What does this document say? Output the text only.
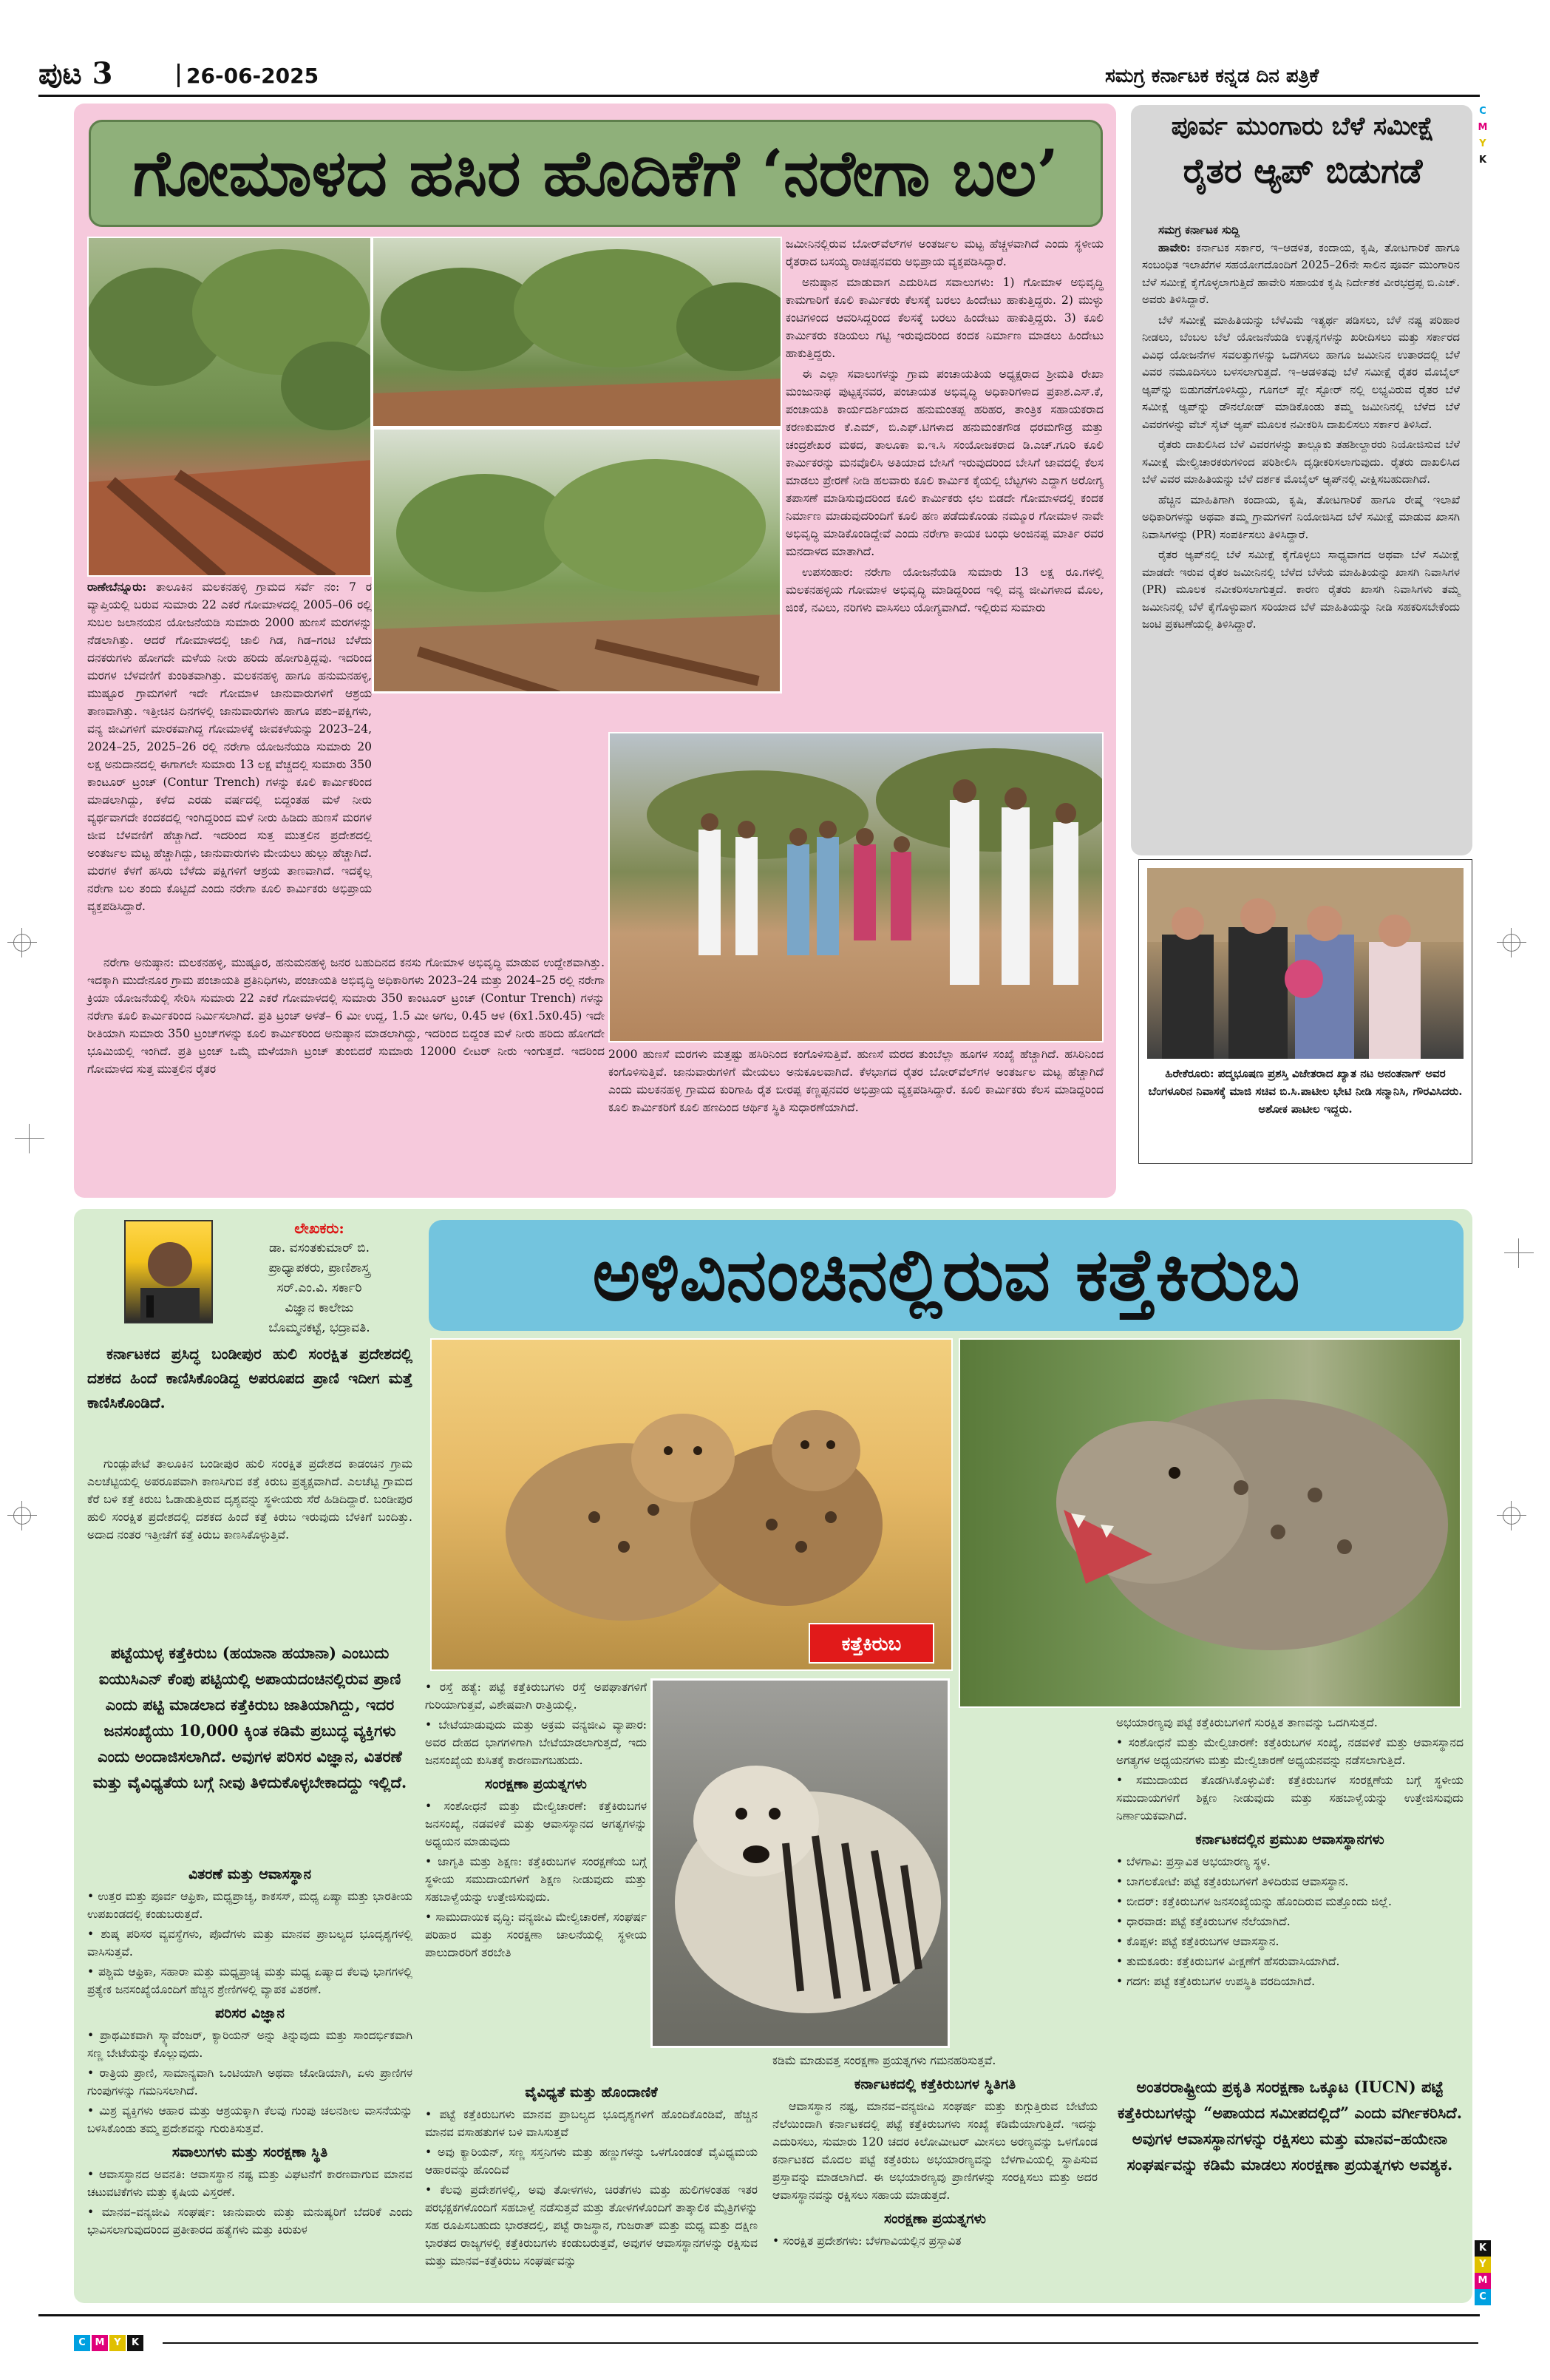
ಪುಟ 3	26-06-2025	ಸಮಗ್ರ ಕರ್ನಾಟಕ ಕನ್ನಡ ದಿನ ಪತ್ರಿಕೆ
C
M
Y
K
ಗೋಮಾಳದ ಹಸಿರ ಹೊದಿಕೆಗೆ ‘ನರೇಗಾ ಬಲ’

ರಾಣೇಬೆನ್ನೂರು: ತಾಲೂಕಿನ ಮಲಕನಹಳ್ಳಿ ಗ್ರಾಮದ ಸರ್ವೆ ನಂ: 7 ರ ವ್ಯಾಪ್ತಿಯಲ್ಲಿ ಬರುವ ಸುಮಾರು 22 ಎಕರೆ ಗೋಮಾಳದಲ್ಲಿ 2005–06 ರಲ್ಲಿ ಸುಬಲ ಜಲಾನಯನ ಯೋಜನೆಯಡಿ ಸುಮಾರು 2000 ಹುಣಸೆ ಮರಗಳನ್ನು ನೆಡಲಾಗಿತ್ತು. ಆದರೆ ಗೋಮಾಳದಲ್ಲಿ ಜಾಲಿ ಗಿಡ, ಗಿಡ–ಗಂಟಿ ಬೆಳೆದು ದನಕರುಗಳು ಹೋಗದೇ ಮಳೆಯ ನೀರು ಹರಿದು ಹೋಗುತ್ತಿದ್ದವು. ಇದರಿಂದ ಮರಗಳ ಬೆಳವಣಿಗೆ ಕುಂಠಿತವಾಗಿತ್ತು. ಮಲಕನಹಳ್ಳಿ ಹಾಗೂ ಹನುಮನಹಳ್ಳಿ, ಮುಷ್ಟೂರ ಗ್ರಾಮಗಳಿಗೆ ಇದೇ ಗೋಮಾಳ ಜಾನುವಾರುಗಳಿಗೆ ಆಶ್ರಯ ತಾಣವಾಗಿತ್ತು. ಇತ್ತೀಚಿನ ದಿನಗಳಲ್ಲಿ ಜಾನುವಾರುಗಳು ಹಾಗೂ ಪಶು–ಪಕ್ಷಿಗಳು, ವನ್ಯ ಜೀವಿಗಳಿಗೆ ಮಾರಕವಾಗಿದ್ದ ಗೋಮಾಳಕ್ಕೆ ಜೀವಕಳೆಯನ್ನು 2023–24, 2024–25, 2025–26 ರಲ್ಲಿ ನರೇಗಾ ಯೋಜನೆಯಡಿ ಸುಮಾರು 20 ಲಕ್ಷ ಅನುದಾನದಲ್ಲಿ ಈಗಾಗಲೇ ಸುಮಾರು 13 ಲಕ್ಷ ವೆಚ್ಚದಲ್ಲಿ ಸುಮಾರು 350 ಕಾಂಟೂರ್ ಟ್ರಂಚ್ (Contur Trench) ಗಳನ್ನು ಕೂಲಿ ಕಾರ್ಮಿಕರಿಂದ ಮಾಡಲಾಗಿದ್ದು, ಕಳೆದ ಎರಡು ವರ್ಷದಲ್ಲಿ ಬಿದ್ದಂತಹ ಮಳೆ ನೀರು ವ್ಯರ್ಥವಾಗದೇ ಕಂದಕದಲ್ಲಿ ಇಂಗಿದ್ದರಿಂದ ಮಳೆ ನೀರು ಹಿಡಿದು ಹುಣಸೆ ಮರಗಳ ಜೀವ ಬೆಳವಣಿಗೆ ಹೆಚ್ಚಾಗಿದೆ. ಇದರಿಂದ ಸುತ್ತ ಮುತ್ತಲಿನ ಪ್ರದೇಶದಲ್ಲಿ ಅಂತರ್ಜಲ ಮಟ್ಟ ಹೆಚ್ಚಾಗಿದ್ದು, ಜಾನುವಾರುಗಳು ಮೇಯಲು ಹುಲ್ಲು ಹೆಚ್ಚಾಗಿದೆ. ಮರಗಳ ಕೆಳಗೆ ಹಸಿರು ಬೆಳೆದು ಪಕ್ಷಿಗಳಿಗೆ ಆಶ್ರಯ ತಾಣವಾಗಿದೆ. ಇದಕ್ಕೆಲ್ಲ ನರೇಗಾ ಬಲ ತಂದು ಕೊಟ್ಟಿದೆ ಎಂದು ನರೇಗಾ ಕೂಲಿ ಕಾರ್ಮಿಕರು ಅಭಿಪ್ರಾಯ ವ್ಯಕ್ತಪಡಿಸಿದ್ದಾರೆ.

ನರೇಗಾ ಅನುಷ್ಠಾನ: ಮಲಕನಹಳ್ಳಿ, ಮುಷ್ಟೂರ, ಹನುಮನಹಳ್ಳಿ ಜನರ ಬಹುದಿನದ ಕನಸು ಗೋಮಾಳ ಅಭಿವೃದ್ಧಿ ಮಾಡುವ ಉದ್ದೇಶವಾಗಿತ್ತು. ಇದಕ್ಕಾಗಿ ಮುದೇನೂರ ಗ್ರಾಮ ಪಂಚಾಯತಿ ಪ್ರತಿನಿಧಿಗಳು, ಪಂಚಾಯತಿ ಅಭಿವೃದ್ಧಿ ಅಧಿಕಾರಿಗಳು 2023–24 ಮತ್ತು 2024–25 ರಲ್ಲಿ ನರೇಗಾ ಕ್ರಿಯಾ ಯೋಜನೆಯಲ್ಲಿ ಸೇರಿಸಿ ಸುಮಾರು 22 ಎಕರೆ ಗೋಮಾಳದಲ್ಲಿ ಸುಮಾರು 350 ಕಾಂಟೂರ್ ಟ್ರಂಚ್ (Contur Trench) ಗಳನ್ನು ನರೇಗಾ ಕೂಲಿ ಕಾರ್ಮಿಕರಿಂದ ನಿರ್ಮಿಸಲಾಗಿದೆ. ಪ್ರತಿ ಟ್ರಂಚ್ ಅಳತೆ– 6 ಮೀ ಉದ್ದ, 1.5 ಮೀ ಅಗಲ, 0.45 ಆಳ (6x1.5x0.45) ಇದೇ ರೀತಿಯಾಗಿ ಸುಮಾರು 350 ಟ್ರಂಚ್‌ಗಳನ್ನು ಕೂಲಿ ಕಾರ್ಮಿಕರಿಂದ ಅನುಷ್ಠಾನ ಮಾಡಲಾಗಿದ್ದು, ಇದರಿಂದ ಬಿದ್ದಂತ ಮಳೆ ನೀರು ಹರಿದು ಹೋಗದೇ ಭೂಮಿಯಲ್ಲಿ ಇಂಗಿದೆ. ಪ್ರತಿ ಟ್ರಂಚ್ ಒಮ್ಮೆ ಮಳೆಯಾಗಿ ಟ್ರಂಚ್ ತುಂಬಿದರೆ ಸುಮಾರು 12000 ಲೀಟರ್ ನೀರು ಇಂಗುತ್ತದೆ. ಇದರಿಂದ ಗೋಮಾಳದ ಸುತ್ತ ಮುತ್ತಲಿನ ರೈತರ

ಜಮೀನಿನಲ್ಲಿರುವ ಬೋರ್‌ವೆಲ್‌ಗಳ ಅಂತರ್ಜಲ ಮಟ್ಟ ಹೆಚ್ಚಳವಾಗಿದೆ ಎಂದು ಸ್ಥಳೀಯ ರೈತರಾದ ಬಸಯ್ಯ ರಾಚಪ್ಪನವರು ಅಭಿಪ್ರಾಯ ವ್ಯಕ್ತಪಡಿಸಿದ್ದಾರೆ.

ಅನುಷ್ಠಾನ ಮಾಡುವಾಗ ಎದುರಿಸಿದ ಸವಾಲುಗಳು: 1) ಗೋಮಾಳ ಅಭಿವೃದ್ಧಿ ಕಾಮಗಾರಿಗೆ ಕೂಲಿ ಕಾರ್ಮಿಕರು ಕೆಲಸಕ್ಕೆ ಬರಲು ಹಿಂದೇಟು ಹಾಕುತ್ತಿದ್ದರು. 2) ಮುಳ್ಳು ಕಂಟಿಗಳಿಂದ ಆವರಿಸಿದ್ದರಿಂದ ಕೆಲಸಕ್ಕೆ ಬರಲು ಹಿಂದೇಟು ಹಾಕುತ್ತಿದ್ದರು. 3) ಕೂಲಿ ಕಾರ್ಮಿಕರು ಕಡಿಯಲು ಗಟ್ಟಿ ಇರುವುದರಿಂದ ಕಂದಕ ನಿರ್ಮಾಣ ಮಾಡಲು ಹಿಂದೇಟು ಹಾಕುತ್ತಿದ್ದರು.

ಈ ಎಲ್ಲಾ ಸವಾಲುಗಳನ್ನು ಗ್ರಾಮ ಪಂಚಾಯತಿಯ ಅಧ್ಯಕ್ಷರಾದ ಶ್ರೀಮತಿ ರೇಖಾ ಮಂಜುನಾಥ ಪುಟ್ಟಕ್ಕನವರ, ಪಂಚಾಯತ ಅಭಿವೃದ್ಧಿ ಅಧಿಕಾರಿಗಳಾದ ಪ್ರಕಾಶ.ಎಸ್.ಕೆ, ಪಂಚಾಯತಿ ಕಾರ್ಯದರ್ಶಿಯಾದ ಹನುಮಂತಪ್ಪ ಹರಿಹರ, ತಾಂತ್ರಿಕ ಸಹಾಯಕರಾದ ಕರಣಕುಮಾರ ಕೆ.ಎಮ್, ಬಿ.ಎಫ್.ಟಿಗಳಾದ ಹನುಮಂತಗೌಡ ಧರಮಗೌಡ್ರ ಮತ್ತು ಚಂದ್ರಶೇಖರ ಮಠದ, ತಾಲೂಕಾ ಐ.ಇ.ಸಿ ಸಂಯೋಜಕರಾದ ಡಿ.ಎಚ್.ಗೂರಿ ಕೂಲಿ ಕಾರ್ಮಿಕರನ್ನು ಮನವೊಲಿಸಿ ಅತಿಯಾದ ಬೇಸಿಗೆ ಇರುವುದರಿಂದ ಬೇಸಿಗೆ ಜಾವದಲ್ಲಿ ಕೆಲಸ ಮಾಡಲು ಪ್ರೇರಣೆ ನೀಡಿ ಹಲವಾರು ಕೂಲಿ ಕಾರ್ಮಿಕ ಕೈಯಲ್ಲಿ ಬೆಟ್ಟಗಳು ಎದ್ದಾಗ ಅರೋಗ್ಯ ತಪಾಸಣೆ ಮಾಡಿಸುವುದರಿಂದ ಕೂಲಿ ಕಾರ್ಮಿಕರು ಛಲ ಬಿಡದೇ ಗೋಮಾಳದಲ್ಲಿ ಕಂದಕ ನಿರ್ಮಾಣ ಮಾಡುವುದರಿಂದಿಗೆ ಕೂಲಿ ಹಣ ಪಡೆದುಕೊಂಡು ನಮ್ಮೂರ ಗೋಮಾಳ ನಾವೇ ಅಭಿವೃದ್ಧಿ ಮಾಡಿಕೊಂಡಿದ್ದೇವೆ ಎಂದು ನರೇಗಾ ಕಾಯಕ ಬಂಧು ಅಂಜಿನಪ್ಪ ಮಾರ್ತಿ ರವರ ಮನದಾಳದ ಮಾತಾಗಿದೆ.

ಉಪಸಂಹಾರ: ನರೇಗಾ ಯೋಜನೆಯಡಿ ಸುಮಾರು 13 ಲಕ್ಷ ರೂ.ಗಳಲ್ಲಿ ಮಲಕನಹಳ್ಳಿಯ ಗೋಮಾಳ ಅಭಿವೃದ್ಧಿ ಮಾಡಿದ್ದರಿಂದ ಇಲ್ಲಿ ವನ್ಯ ಜೀವಿಗಳಾದ ಮೊಲ, ಜಿಂಕೆ, ನವಿಲು, ನರಿಗಳು ವಾಸಿಸಲು ಯೋಗ್ಯವಾಗಿದೆ. ಇಲ್ಲಿರುವ ಸುಮಾರು

2000 ಹುಣಸೆ ಮರಗಳು ಮತ್ತಷ್ಟು ಹಸಿರಿನಿಂದ ಕಂಗೊಳಿಸುತ್ತಿವೆ. ಹುಣಸೆ ಮರದ ತುಂಬೆಲ್ಲಾ ಹೂಗಳ ಸಂಖ್ಯೆ ಹೆಚ್ಚಾಗಿದೆ. ಹಸಿರಿನಿಂದ ಕಂಗೊಳಿಸುತ್ತಿವೆ. ಜಾನುವಾರುಗಳಿಗೆ ಮೇಯಲು ಅನುಕೂಲವಾಗಿದೆ. ಕೆಳಭಾಗದ ರೈತರ ಬೋರ್‌ವೆಲ್‌ಗಳ ಅಂತರ್ಜಲ ಮಟ್ಟ ಹೆಚ್ಚಾಗಿದೆ ಎಂದು ಮಲಕನಹಳ್ಳಿ ಗ್ರಾಮದ ಕುರಿಗಾಹಿ ರೈತ ಬೀರಪ್ಪ ಕಣ್ಣಪ್ಪನವರ ಅಭಿಪ್ರಾಯ ವ್ಯಕ್ತಪಡಿಸಿದ್ದಾರೆ. ಕೂಲಿ ಕಾರ್ಮಿಕರು ಕೆಲಸ ಮಾಡಿದ್ದರಿಂದ ಕೂಲಿ ಕಾರ್ಮಿಕರಿಗೆ ಕೂಲಿ ಹಣದಿಂದ ಆರ್ಥಿಕ ಸ್ಥಿತಿ ಸುಧಾರಣೆಯಾಗಿದೆ.

ಪೂರ್ವ ಮುಂಗಾರು ಬೆಳೆ ಸಮೀಕ್ಷೆ
ರೈತರ ಆ್ಯಪ್ ಬಿಡುಗಡೆ
ಸಮಗ್ರ ಕರ್ನಾಟಕ ಸುದ್ದಿ

ಹಾವೇರಿ: ಕರ್ನಾಟಕ ಸರ್ಕಾರ, ಇ–ಆಡಳಿತ, ಕಂದಾಯ, ಕೃಷಿ, ತೋಟಗಾರಿಕೆ ಹಾಗೂ ಸಂಬಂಧಿತ ಇಲಾಖೆಗಳ ಸಹಯೋಗದೊಂದಿಗೆ 2025–26ನೇ ಸಾಲಿನ ಪೂರ್ವ ಮುಂಗಾರಿನ ಬೆಳೆ ಸಮೀಕ್ಷೆ ಕೈಗೊಳ್ಳಲಾಗುತ್ತಿದೆ ಹಾವೇರಿ ಸಹಾಯಕ ಕೃಷಿ ನಿರ್ದೇಶಕ ವೀರಭದ್ರಪ್ಪ ಬಿ.ಎಚ್. ಅವರು ತಿಳಿಸಿದ್ದಾರೆ.

ಬೆಳೆ ಸಮೀಕ್ಷೆ ಮಾಹಿತಿಯನ್ನು ಬೆಳೆವಿಮೆ ಇತ್ಯರ್ಥ ಪಡಿಸಲು, ಬೆಳೆ ನಷ್ಟ ಪರಿಹಾರ ನೀಡಲು, ಬೆಂಬಲ ಬೆಲೆ ಯೋಜನೆಯಡಿ ಉತ್ಪನ್ನಗಳನ್ನು ಖರೀದಿಸಲು ಮತ್ತು ಸರ್ಕಾರದ ವಿವಿಧ ಯೋಜನೆಗಳ ಸವಲತ್ತುಗಳನ್ನು ಒದಗಿಸಲು ಹಾಗೂ ಜಮೀನಿನ ಉತಾರದಲ್ಲಿ ಬೆಳೆ ವಿವರ ನಮೂದಿಸಲು ಬಳಸಲಾಗುತ್ತದೆ. ಇ–ಆಡಳಿತವು ಬೆಳೆ ಸಮೀಕ್ಷೆ ರೈತರ ಮೊಬೈಲ್ ಆ್ಯಪ್‌ನ್ನು ಬಿಡುಗಡೆಗೊಳಿಸಿದ್ದು, ಗೂಗಲ್ ಪ್ಲೇ ಸ್ಟೋರ್ ನಲ್ಲಿ ಲಭ್ಯವಿರುವ ರೈತರ ಬೆಳೆ ಸಮೀಕ್ಷೆ ಆ್ಯಪ್‌ನ್ನು ಡೌನಲೋಡ್ ಮಾಡಿಕೊಂಡು ತಮ್ಮ ಜಮೀನಿನಲ್ಲಿ ಬೆಳೆದ ಬೆಳೆ ವಿವರಗಳನ್ನು ವೆಬ್ ಸೈಟ್ ಆ್ಯಪ್ ಮೂಲಕ ನವೀಕರಿಸಿ ದಾಖಲಿಸಲು ಸರ್ಕಾರ ತಿಳಿಸಿದೆ.

ರೈತರು ದಾಖಲಿಸಿದ ಬೆಳೆ ವಿವರಗಳನ್ನು ತಾಲ್ಲೂಕು ತಹಶೀಲ್ದಾರರು ನಿಯೋಜಿಸುವ ಬೆಳೆ ಸಮೀಕ್ಷೆ ಮೇಲ್ವಿಚಾರಕರುಗಳಿಂದ ಪರಿಶೀಲಿಸಿ ದೃಢೀಕರಿಸಲಾಗುವುದು. ರೈತರು ದಾಖಲಿಸಿದ ಬೆಳೆ ವಿವರ ಮಾಹಿತಿಯನ್ನು ಬೆಳೆ ದರ್ಶಕ ಮೊಬೈಲ್ ಆ್ಯಪ್‌ನಲ್ಲಿ ವೀಕ್ಷಿಸಬಹುದಾಗಿದೆ.

ಹೆಚ್ಚಿನ ಮಾಹಿತಿಗಾಗಿ ಕಂದಾಯ, ಕೃಷಿ, ತೋಟಗಾರಿಕೆ ಹಾಗೂ ರೇಷ್ಮೆ ಇಲಾಖೆ ಅಧಿಕಾರಿಗಳನ್ನು ಅಥವಾ ತಮ್ಮ ಗ್ರಾಮಗಳಿಗೆ ನಿಯೋಜಿಸಿದ ಬೆಳೆ ಸಮೀಕ್ಷೆ ಮಾಡುವ ಖಾಸಗಿ ನಿವಾಸಿಗಳನ್ನು (PR) ಸಂಪರ್ಕಿಸಲು ತಿಳಿಸಿದ್ದಾರೆ.

ರೈತರ ಆ್ಯಪ್‌ನಲ್ಲಿ ಬೆಳೆ ಸಮೀಕ್ಷೆ ಕೈಗೊಳ್ಳಲು ಸಾಧ್ಯವಾಗದ ಅಥವಾ ಬೆಳೆ ಸಮೀಕ್ಷೆ ಮಾಡದೇ ಇರುವ ರೈತರ ಜಮೀನಿನಲ್ಲಿ ಬೆಳೆದ ಬೆಳೆಯ ಮಾಹಿತಿಯನ್ನು ಖಾಸಗಿ ನಿವಾಸಿಗಳ (PR) ಮೂಲಕ ನವೀಕರಿಸಲಾಗುತ್ತದೆ. ಕಾರಣ ರೈತರು ಖಾಸಗಿ ನಿವಾಸಿಗಳು ತಮ್ಮ ಜಮೀನಿನಲ್ಲಿ ಬೆಳೆ ಕೈಗೊಳ್ಳುವಾಗ ಸರಿಯಾದ ಬೆಳೆ ಮಾಹಿತಿಯನ್ನು ನೀಡಿ ಸಹಕರಿಸಬೇಕೆಂದು ಜಂಟಿ ಪ್ರಕಟಣೆಯಲ್ಲಿ ತಿಳಿಸಿದ್ದಾರೆ.

ಹಿರೇಕೆರೂರು: ಪದ್ಮಭೂಷಣ ಪ್ರಶಸ್ತಿ ವಿಜೇತರಾದ ಖ್ಯಾತ ನಟ ಅನಂತನಾಗ್ ಅವರ ಬೆಂಗಳೂರಿನ ನಿವಾಸಕ್ಕೆ ಮಾಜಿ ಸಚಿವ ಬಿ.ಸಿ.ಪಾಟೀಲ ಭೇಟಿ ನೀಡಿ ಸನ್ಮಾನಿಸಿ, ಗೌರವಿಸಿದರು. ಅಶೋಕ ಪಾಟೀಲ ಇದ್ದರು.
ಲೇಖಕರು:
ಡಾ. ವಸಂತಕುಮಾರ್ ಬಿ.
ಪ್ರಾಧ್ಯಾಪಕರು, ಪ್ರಾಣಿಶಾಸ್ತ್ರ
ಸರ್.ಎಂ.ವಿ. ಸರ್ಕಾರಿ
ವಿಜ್ಞಾನ ಕಾಲೇಜು
ಬೊಮ್ಮನಕಟ್ಟೆ, ಭದ್ರಾವತಿ.
ಅಳಿವಿನಂಚಿನಲ್ಲಿರುವ ಕತ್ತೆಕಿರುಬ
ಕರ್ನಾಟಕದ ಪ್ರಸಿದ್ಧ ಬಂಡೀಪುರ ಹುಲಿ ಸಂರಕ್ಷಿತ ಪ್ರದೇಶದಲ್ಲಿ ದಶಕದ ಹಿಂದೆ ಕಾಣಿಸಿಕೊಂಡಿದ್ದ ಅಪರೂಪದ ಪ್ರಾಣಿ ಇದೀಗ ಮತ್ತೆ ಕಾಣಿಸಿಕೊಂಡಿದೆ.

ಗುಂಡ್ಲುಪೇಟೆ ತಾಲೂಕಿನ ಬಂಡೀಪುರ ಹುಲಿ ಸಂರಕ್ಷಿತ ಪ್ರದೇಶದ ಕಾಡಂಚಿನ ಗ್ರಾಮ ಎಲಚೆಟ್ಟಿಯಲ್ಲಿ ಅಪರೂಪವಾಗಿ ಕಾಣಸಿಗುವ ಕತ್ತೆ ಕಿರುಬ ಪ್ರತ್ಯಕ್ಷವಾಗಿದೆ. ಎಲಚೆಟ್ಟಿ ಗ್ರಾಮದ ಕೆರೆ ಬಳಿ ಕತ್ತೆ ಕಿರುಬ ಓಡಾಡುತ್ತಿರುವ ದೃಶ್ಯವನ್ನು ಸ್ಥಳೀಯರು ಸೆರೆ ಹಿಡಿದಿದ್ದಾರೆ. ಬಂಡೀಪುರ ಹುಲಿ ಸಂರಕ್ಷಿತ ಪ್ರದೇಶದಲ್ಲಿ ದಶಕದ ಹಿಂದೆ ಕತ್ತೆ ಕಿರುಬ ಇರುವುದು ಬೆಳಕಿಗೆ ಬಂದಿತ್ತು. ಅದಾದ ನಂತರ ಇತ್ತೀಚೆಗೆ ಕತ್ತೆ ಕಿರುಬ ಕಾಣಸಿಕೊಳ್ಳುತ್ತಿವೆ.

ಪಟ್ಟೆಯುಳ್ಳ ಕತ್ತೆಕಿರುಬ (ಹಯಾನಾ ಹಯಾನಾ) ಎಂಬುದು ಐಯುಸಿಎನ್ ಕೆಂಪು ಪಟ್ಟಿಯಲ್ಲಿ ಅಪಾಯದಂಚಿನಲ್ಲಿರುವ ಪ್ರಾಣಿ ಎಂದು ಪಟ್ಟಿ ಮಾಡಲಾದ ಕತ್ತೆಕಿರುಬ ಜಾತಿಯಾಗಿದ್ದು, ಇದರ ಜನಸಂಖ್ಯೆಯು 10,000 ಕ್ಕಿಂತ ಕಡಿಮೆ ಪ್ರಬುದ್ಧ ವ್ಯಕ್ತಿಗಳು ಎಂದು ಅಂದಾಜಿಸಲಾಗಿದೆ. ಅವುಗಳ ಪರಿಸರ ವಿಜ್ಞಾನ, ವಿತರಣೆ ಮತ್ತು ವೈವಿಧ್ಯತೆಯ ಬಗ್ಗೆ ನೀವು ತಿಳಿದುಕೊಳ್ಳಬೇಕಾದದ್ದು ಇಲ್ಲಿದೆ.
ವಿತರಣೆ ಮತ್ತು ಆವಾಸಸ್ಥಾನ
• ಉತ್ತರ ಮತ್ತು ಪೂರ್ವ ಆಫ್ರಿಕಾ, ಮಧ್ಯಪ್ರಾಚ್ಯ, ಕಾಕಸಸ್, ಮಧ್ಯ ಏಷ್ಯಾ ಮತ್ತು ಭಾರತೀಯ ಉಪಖಂಡದಲ್ಲಿ ಕಂಡುಬರುತ್ತದೆ.
• ಶುಷ್ಕ ಪರಿಸರ ವ್ಯವಸ್ಥೆಗಳು, ಪೊದೆಗಳು ಮತ್ತು ಮಾನವ ಪ್ರಾಬಲ್ಯದ ಭೂದೃಶ್ಯಗಳಲ್ಲಿ ವಾಸಿಸುತ್ತವೆ.
• ಪಶ್ಚಿಮ ಆಫ್ರಿಕಾ, ಸಹಾರಾ ಮತ್ತು ಮಧ್ಯಪ್ರಾಚ್ಯ ಮತ್ತು ಮಧ್ಯ ಏಷ್ಯಾದ ಕೆಲವು ಭಾಗಗಳಲ್ಲಿ ಪ್ರತ್ಯೇಕ ಜನಸಂಖ್ಯೆಯೊಂದಿಗೆ ಹೆಚ್ಚಿನ ಶ್ರೇಣಿಗಳಲ್ಲಿ ವ್ಯಾಪಕ ವಿತರಣೆ.
ಪರಿಸರ ವಿಜ್ಞಾನ
• ಪ್ರಾಥಮಿಕವಾಗಿ ಸ್ಕ್ಯಾವೆಂಜರ್, ಕ್ಯಾರಿಯನ್ ಅನ್ನು ತಿನ್ನುವುದು ಮತ್ತು ಸಾಂದರ್ಭಿಕವಾಗಿ ಸಣ್ಣ ಬೇಟೆಯನ್ನು ಕೊಲ್ಲುವುದು.
• ರಾತ್ರಿಯ ಪ್ರಾಣಿ, ಸಾಮಾನ್ಯವಾಗಿ ಒಂಟಿಯಾಗಿ ಅಥವಾ ಜೋಡಿಯಾಗಿ, ಏಳು ಪ್ರಾಣಿಗಳ ಗುಂಪುಗಳನ್ನು ಗಮನಿಸಲಾಗಿದೆ.
• ಮಿಶ್ರ ವ್ಯಕ್ತಿಗಳು ಆಹಾರ ಮತ್ತು ಆಶ್ರಯಕ್ಕಾಗಿ ಕೆಲವು ಗುಂಪು ಚಲನಶೀಲ ವಾಸನೆಯನ್ನು ಬಳಸಿಕೊಂಡು ತಮ್ಮ ಪ್ರದೇಶವನ್ನು ಗುರುತಿಸುತ್ತವೆ.
ಸವಾಲುಗಳು ಮತ್ತು ಸಂರಕ್ಷಣಾ ಸ್ಥಿತಿ
• ಆವಾಸಸ್ಥಾನದ ಅವನತಿ: ಆವಾಸಸ್ಥಾನ ನಷ್ಟ ಮತ್ತು ವಿಘಟನೆಗೆ ಕಾರಣವಾಗುವ ಮಾನವ ಚಟುವಟಿಕೆಗಳು ಮತ್ತು ಕೃಷಿಯ ವಿಸ್ತರಣೆ.
• ಮಾನವ–ವನ್ಯಜೀವಿ ಸಂಘರ್ಷ: ಜಾನುವಾರು ಮತ್ತು ಮನುಷ್ಯರಿಗೆ ಬೆದರಿಕೆ ಎಂದು ಭಾವಿಸಲಾಗುವುದರಿಂದ ಪ್ರತೀಕಾರದ ಹತ್ಯೆಗಳು ಮತ್ತು ಕಿರುಕುಳ
ಕತ್ತೆಕಿರುಬ
• ರಸ್ತೆ ಹತ್ಯೆ: ಪಟ್ಟೆ ಕತ್ತೆಕಿರುಬಗಳು ರಸ್ತೆ ಅಪಘಾತಗಳಿಗೆ ಗುರಿಯಾಗುತ್ತವೆ, ವಿಶೇಷವಾಗಿ ರಾತ್ರಿಯಲ್ಲಿ.
• ಬೇಟೆಯಾಡುವುದು ಮತ್ತು ಅಕ್ರಮ ವನ್ಯಜೀವಿ ವ್ಯಾಪಾರ: ಅವರ ದೇಹದ ಭಾಗಗಳಿಗಾಗಿ ಬೇಟೆಯಾಡಲಾಗುತ್ತದೆ, ಇದು ಜನಸಂಖ್ಯೆಯ ಕುಸಿತಕ್ಕೆ ಕಾರಣವಾಗಬಹುದು.
ಸಂರಕ್ಷಣಾ ಪ್ರಯತ್ನಗಳು
• ಸಂಶೋಧನೆ ಮತ್ತು ಮೇಲ್ವಿಚಾರಣೆ: ಕತ್ತೆಕಿರುಬಗಳ ಜನಸಂಖ್ಯೆ, ನಡವಳಿಕೆ ಮತ್ತು ಆವಾಸಸ್ಥಾನದ ಅಗತ್ಯಗಳನ್ನು ಅಧ್ಯಯನ ಮಾಡುವುದು
• ಜಾಗೃತಿ ಮತ್ತು ಶಿಕ್ಷಣ: ಕತ್ತೆಕಿರುಬಗಳ ಸಂರಕ್ಷಣೆಯ ಬಗ್ಗೆ ಸ್ಥಳೀಯ ಸಮುದಾಯಗಳಿಗೆ ಶಿಕ್ಷಣ ನೀಡುವುದು ಮತ್ತು ಸಹಬಾಳ್ವೆಯನ್ನು ಉತ್ತೇಜಿಸುವುದು.
• ಸಾಮುದಾಯಿಕ ವೃದ್ಧಿ: ವನ್ಯಜೀವಿ ಮೇಲ್ವಿಚಾರಣೆ, ಸಂಘರ್ಷ ಪರಿಹಾರ ಮತ್ತು ಸಂರಕ್ಷಣಾ ಚಾಲನೆಯಲ್ಲಿ ಸ್ಥಳೀಯ ಪಾಲುದಾರರಿಗೆ ತರಬೇತಿ
ವೈವಿಧ್ಯತೆ ಮತ್ತು ಹೊಂದಾಣಿಕೆ
• ಪಟ್ಟೆ ಕತ್ತೆಕಿರುಬಗಳು ಮಾನವ ಪ್ರಾಬಲ್ಯದ ಭೂದೃಶ್ಯಗಳಿಗೆ ಹೊಂದಿಕೊಂಡಿವೆ, ಹೆಚ್ಚಿನ ಮಾನವ ವಸಾಹತುಗಳ ಬಳಿ ವಾಸಿಸುತ್ತವೆ
• ಅವು ಕ್ಯಾರಿಯನ್, ಸಣ್ಣ ಸಸ್ತನಿಗಳು ಮತ್ತು ಹಣ್ಣುಗಳನ್ನು ಒಳಗೊಂಡಂತೆ ವೈವಿಧ್ಯಮಯ ಆಹಾರವನ್ನು ಹೊಂದಿವೆ
• ಕೆಲವು ಪ್ರದೇಶಗಳಲ್ಲಿ, ಅವು ತೋಳಗಳು, ಚಿರತೆಗಳು ಮತ್ತು ಹುಲಿಗಳಂತಹ ಇತರ ಪರಭಕ್ಷಕಗಳೊಂದಿಗೆ ಸಹಬಾಳ್ವೆ ನಡೆಸುತ್ತವೆ ಮತ್ತು ತೋಳಗಳೊಂದಿಗೆ ತಾತ್ಕಾಲಿಕ ಮೈತ್ರಿಗಳನ್ನು ಸಹ ರೂಪಿಸಬಹುದು ಭಾರತದಲ್ಲಿ, ಪಟ್ಟೆ ರಾಜಸ್ಥಾನ, ಗುಜರಾತ್ ಮತ್ತು ಮಧ್ಯ ಮತ್ತು ದಕ್ಷಿಣ ಭಾರತದ ರಾಜ್ಯಗಳಲ್ಲಿ ಕತ್ತೆಕಿರುಬಗಳು ಕಂಡುಬರುತ್ತವೆ, ಅವುಗಳ ಆವಾಸಸ್ಥಾನಗಳನ್ನು ರಕ್ಷಿಸುವ ಮತ್ತು ಮಾನವ–ಕತ್ತೆಕಿರುಬ ಸಂಘರ್ಷವನ್ನು
ಕಡಿಮೆ ಮಾಡುವತ್ತ ಸಂರಕ್ಷಣಾ ಪ್ರಯತ್ನಗಳು ಗಮನಹರಿಸುತ್ತವೆ.
ಕರ್ನಾಟಕದಲ್ಲಿ ಕತ್ತೆಕಿರುಬಗಳ ಸ್ಥಿತಿಗತಿ
ಆವಾಸಸ್ಥಾನ ನಷ್ಟ, ಮಾನವ–ವನ್ಯಜೀವಿ ಸಂಘರ್ಷ ಮತ್ತು ಕುಗ್ಗುತ್ತಿರುವ ಬೇಟೆಯ ನೆಲೆಯಿಂದಾಗಿ ಕರ್ನಾಟಕದಲ್ಲಿ ಪಟ್ಟೆ ಕತ್ತೆಕಿರುಬಗಳು ಸಂಖ್ಯೆ ಕಡಿಮೆಯಾಗುತ್ತಿದೆ. ಇದನ್ನು ಎದುರಿಸಲು, ಸುಮಾರು 120 ಚದರ ಕಿಲೋಮೀಟರ್ ಮೀಸಲು ಅರಣ್ಯವನ್ನು ಒಳಗೊಂಡ ಕರ್ನಾಟಕದ ಮೊದಲ ಪಟ್ಟೆ ಕತ್ತೆಕಿರುಬ ಅಭಯಾರಣ್ಯವನ್ನು ಬೆಳಗಾವಿಯಲ್ಲಿ ಸ್ಥಾಪಿಸುವ ಪ್ರಸ್ತಾವನ್ನು ಮಾಡಲಾಗಿದೆ. ಈ ಅಭಯಾರಣ್ಯವು ಪ್ರಾಣಿಗಳನ್ನು ಸಂರಕ್ಷಿಸಲು ಮತ್ತು ಅದರ ಆವಾಸಸ್ಥಾನವನ್ನು ರಕ್ಷಿಸಲು ಸಹಾಯ ಮಾಡುತ್ತದೆ.
ಸಂರಕ್ಷಣಾ ಪ್ರಯತ್ನಗಳು
• ಸಂರಕ್ಷಿತ ಪ್ರದೇಶಗಳು: ಬೆಳಗಾವಿಯಲ್ಲಿನ ಪ್ರಸ್ತಾವಿತ
ಅಭಯಾರಣ್ಯವು ಪಟ್ಟೆ ಕತ್ತೆಕಿರುಬಗಳಿಗೆ ಸುರಕ್ಷಿತ ತಾಣವನ್ನು ಒದಗಿಸುತ್ತದೆ.
• ಸಂಶೋಧನೆ ಮತ್ತು ಮೇಲ್ವಿಚಾರಣೆ: ಕತ್ತೆಕಿರುಬಗಳ ಸಂಖ್ಯೆ, ನಡವಳಿಕೆ ಮತ್ತು ಆವಾಸಸ್ಥಾನದ ಅಗತ್ಯಗಳ ಅಧ್ಯಯನಗಳು ಮತ್ತು ಮೇಲ್ವಿಚಾರಣೆ ಅಧ್ಯಯನವನ್ನು ನಡೆಸಲಾಗುತ್ತಿದೆ.
• ಸಮುದಾಯದ ತೊಡಗಿಸಿಕೊಳ್ಳುವಿಕೆ: ಕತ್ತೆಕಿರುಬಗಳ ಸಂರಕ್ಷಣೆಯ ಬಗ್ಗೆ ಸ್ಥಳೀಯ ಸಮುದಾಯಗಳಿಗೆ ಶಿಕ್ಷಣ ನೀಡುವುದು ಮತ್ತು ಸಹಬಾಳ್ವೆಯನ್ನು ಉತ್ತೇಜಿಸುವುದು ನಿರ್ಣಾಯಕವಾಗಿದೆ.
ಕರ್ನಾಟಕದಲ್ಲಿನ ಪ್ರಮುಖ ಆವಾಸಸ್ಥಾನಗಳು
• ಬೆಳಗಾವಿ: ಪ್ರಸ್ತಾವಿತ ಅಭಯಾರಣ್ಯ ಸ್ಥಳ.
• ಬಾಗಲಕೋಟೆ: ಪಟ್ಟೆ ಕತ್ತೆಕಿರುಬಗಳಿಗೆ ತಿಳಿದಿರುವ ಆವಾಸಸ್ಥಾನ.
• ಬೀದರ್: ಕತ್ತೆಕಿರುಬಗಳ ಜನಸಂಖ್ಯೆಯನ್ನು ಹೊಂದಿರುವ ಮತ್ತೊಂದು ಜಿಲ್ಲೆ.
• ಧಾರವಾಡ: ಪಟ್ಟೆ ಕತ್ತೆಕಿರುಬಗಳ ನೆಲೆಯಾಗಿದೆ.
• ಕೊಪ್ಪಳ: ಪಟ್ಟೆ ಕತ್ತೆಕಿರುಬಗಳ ಆವಾಸಸ್ಥಾನ.
• ತುಮಕೂರು: ಕತ್ತೆಕಿರುಬಗಳ ವೀಕ್ಷಣೆಗೆ ಹೆಸರುವಾಸಿಯಾಗಿದೆ.
• ಗದಗ: ಪಟ್ಟೆ ಕತ್ತೆಕಿರುಬಗಳ ಉಪಸ್ಥಿತಿ ವರದಿಯಾಗಿದೆ.
ಅಂತರರಾಷ್ಟ್ರೀಯ ಪ್ರಕೃತಿ ಸಂರಕ್ಷಣಾ ಒಕ್ಕೂಟ (IUCN) ಪಟ್ಟೆ ಕತ್ತೆಕಿರುಬಗಳನ್ನು “ಅಪಾಯದ ಸಮೀಪದಲ್ಲಿದೆ” ಎಂದು ವರ್ಗೀಕರಿಸಿದೆ. ಅವುಗಳ ಆವಾಸಸ್ಥಾನಗಳನ್ನು ರಕ್ಷಿಸಲು ಮತ್ತು ಮಾನವ–ಹಯೇನಾ ಸಂಘರ್ಷವನ್ನು ಕಡಿಮೆ ಮಾಡಲು ಸಂರಕ್ಷಣಾ ಪ್ರಯತ್ನಗಳು ಅವಶ್ಯಕ.
K
Y
M
C
C M Y	K
